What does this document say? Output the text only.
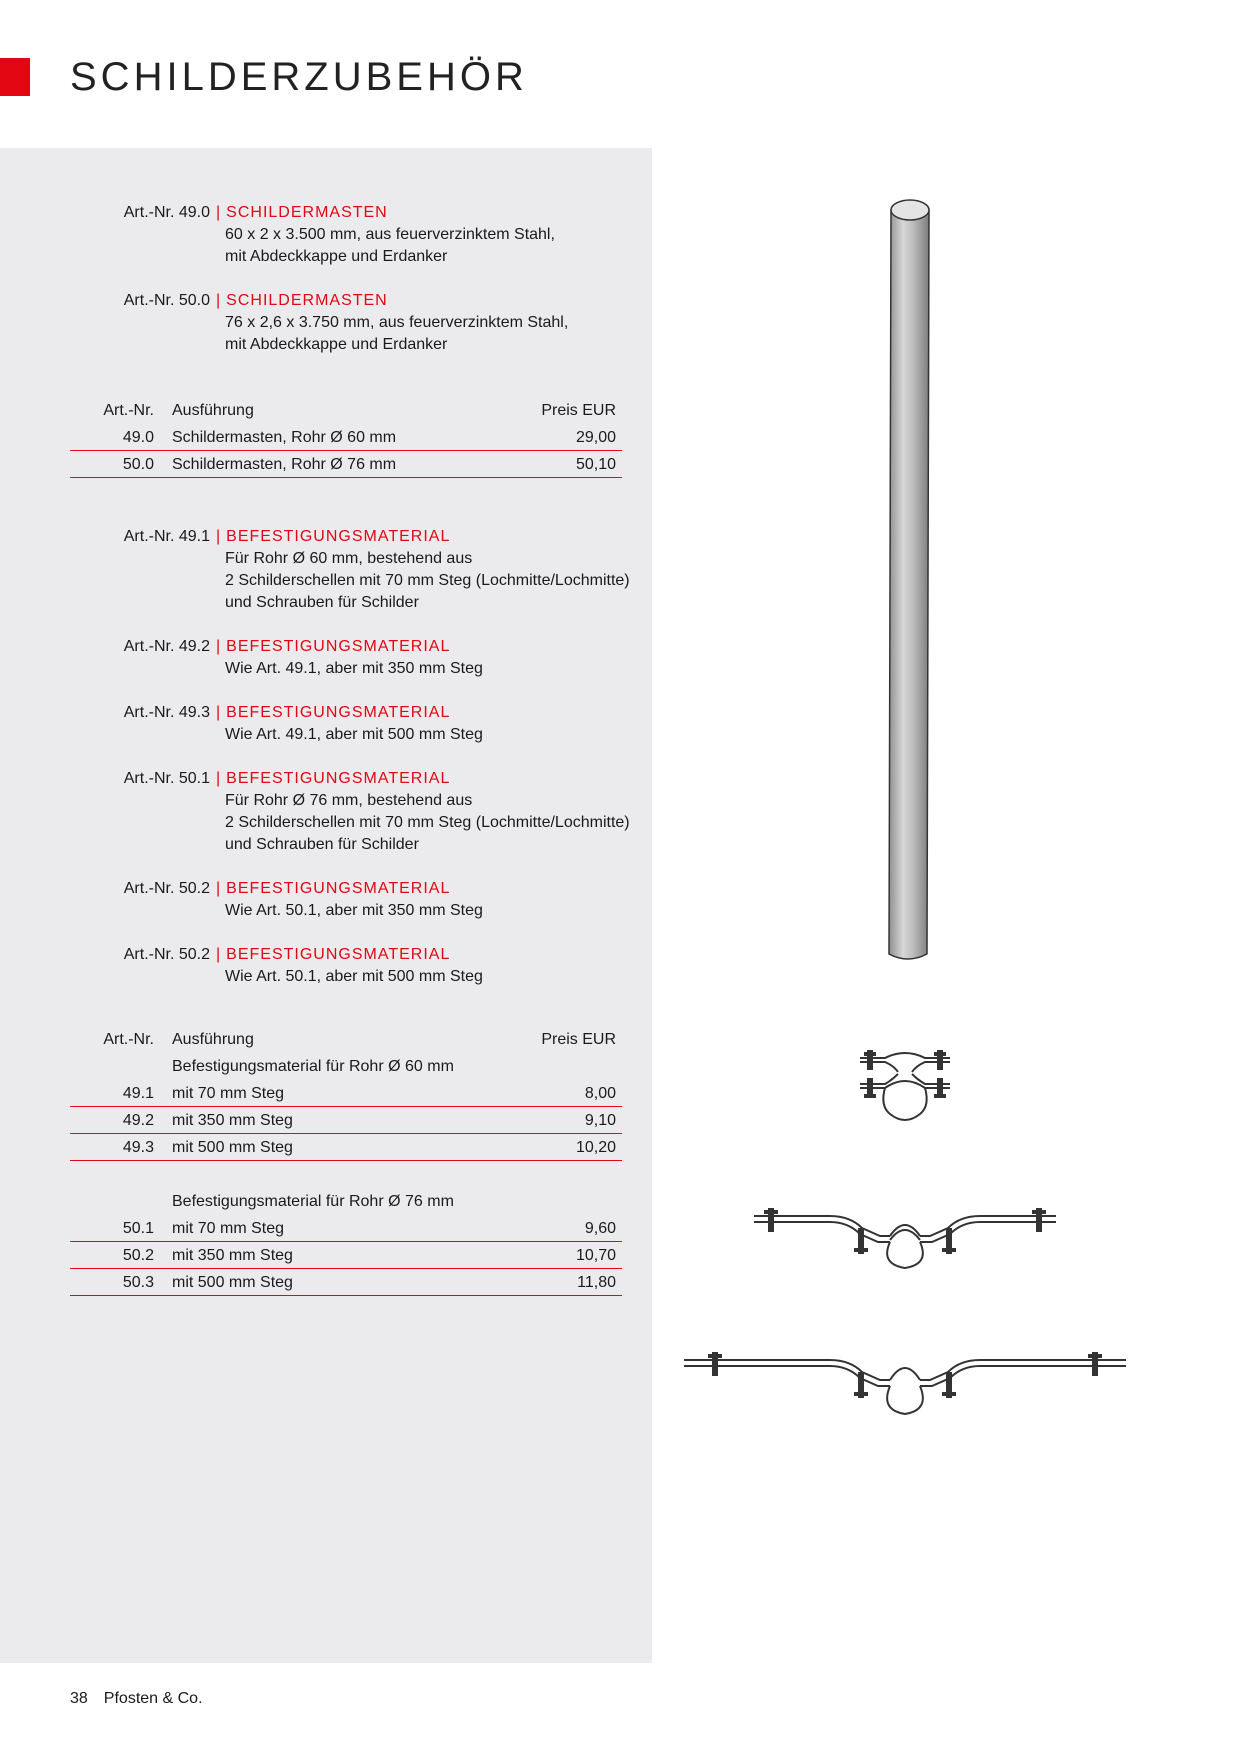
SCHILDERZUBEHÖR
Art.-Nr. 49.0 | SCHILDERMASTEN
60 x 2 x 3.500 mm, aus feuerverzinktem Stahl,
mit Abdeckkappe und Erdanker
Art.-Nr. 50.0 | SCHILDERMASTEN
76 x 2,6 x 3.750 mm, aus feuerverzinktem Stahl,
mit Abdeckkappe und Erdanker
Art.-Nr.	Ausführung	Preis EUR
49.0	Schildermasten, Rohr Ø 60 mm	29,00
50.0	Schildermasten, Rohr Ø 76 mm	50,10
Art.-Nr. 49.1 | BEFESTIGUNGSMATERIAL
Für Rohr Ø 60 mm, bestehend aus
2 Schilderschellen mit 70 mm Steg (Lochmitte/Lochmitte)
und Schrauben für Schilder
Art.-Nr. 49.2 | BEFESTIGUNGSMATERIAL
Wie Art. 49.1, aber mit 350 mm Steg
Art.-Nr. 49.3 | BEFESTIGUNGSMATERIAL
Wie Art. 49.1, aber mit 500 mm Steg
Art.-Nr. 50.1 | BEFESTIGUNGSMATERIAL
Für Rohr Ø 76 mm, bestehend aus
2 Schilderschellen mit 70 mm Steg (Lochmitte/Lochmitte)
und Schrauben für Schilder
Art.-Nr. 50.2 | BEFESTIGUNGSMATERIAL
Wie Art. 50.1, aber mit 350 mm Steg
Art.-Nr. 50.2 | BEFESTIGUNGSMATERIAL
Wie Art. 50.1, aber mit 500 mm Steg
Art.-Nr.	Ausführung	Preis EUR
Befestigungsmaterial für Rohr Ø 60 mm
49.1	mit 70 mm Steg	8,00
49.2	mit 350 mm Steg	9,10
49.3	mit 500 mm Steg	10,20
Befestigungsmaterial für Rohr Ø 76 mm
50.1	mit 70 mm Steg	9,60
50.2	mit 350 mm Steg	10,70
50.3	mit 500 mm Steg	11,80
38 Pfosten & Co.
